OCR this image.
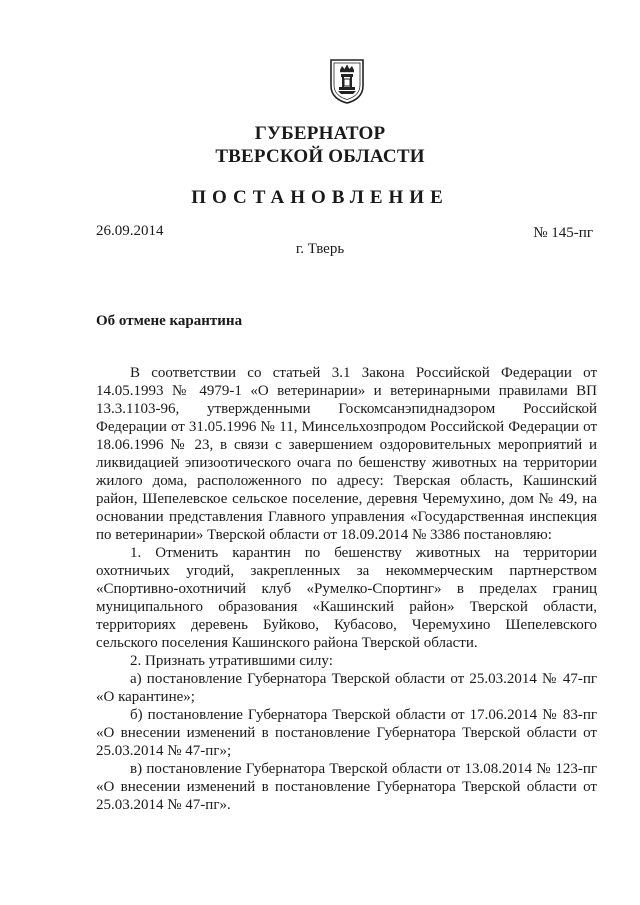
ГУБЕРНАТОР
ТВЕРСКОЙ ОБЛАСТИ
ПОСТАНОВЛЕНИЕ
26.09.2014	№ 145-пг
г. Тверь
Об отмене карантина

В соответствии со статьей 3.1 Закона Российской Федерации от 14.05.1993 № 4979-1 «О ветеринарии» и ветеринарными правилами ВП 13.3.1103-96, утвержденными Госкомсанэпиднадзором Российской Федерации от 31.05.1996 № 11, Минсельхозпродом Российской Федерации от 18.06.1996 № 23, в связи с завершением оздоровительных мероприятий и ликвидацией эпизоотического очага по бешенству животных на территории жилого дома, расположенного по адресу: Тверская область, Кашинский район, Шепелевское сельское поселение, деревня Черемухино, дом № 49, на основании представления Главного управления «Государственная инспекция по ветеринарии» Тверской области от 18.09.2014 № 3386 постановляю:

1. Отменить карантин по бешенству животных на территории охотничьих угодий, закрепленных за некоммерческим партнерством «Спортивно-охотничий клуб «Румелко-Спортинг» в пределах границ муниципального образования «Кашинский район» Тверской области, территориях деревень Буйково, Кубасово, Черемухино Шепелевского сельского поселения Кашинского района Тверской области.

2. Признать утратившими силу:

а) постановление Губернатора Тверской области от 25.03.2014 № 47-пг «О карантине»;

б) постановление Губернатора Тверской области от 17.06.2014 № 83-пг «О внесении изменений в постановление Губернатора Тверской области от 25.03.2014 № 47-пг»;

в) постановление Губернатора Тверской области от 13.08.2014 № 123-пг «О внесении изменений в постановление Губернатора Тверской области от 25.03.2014 № 47-пг».
